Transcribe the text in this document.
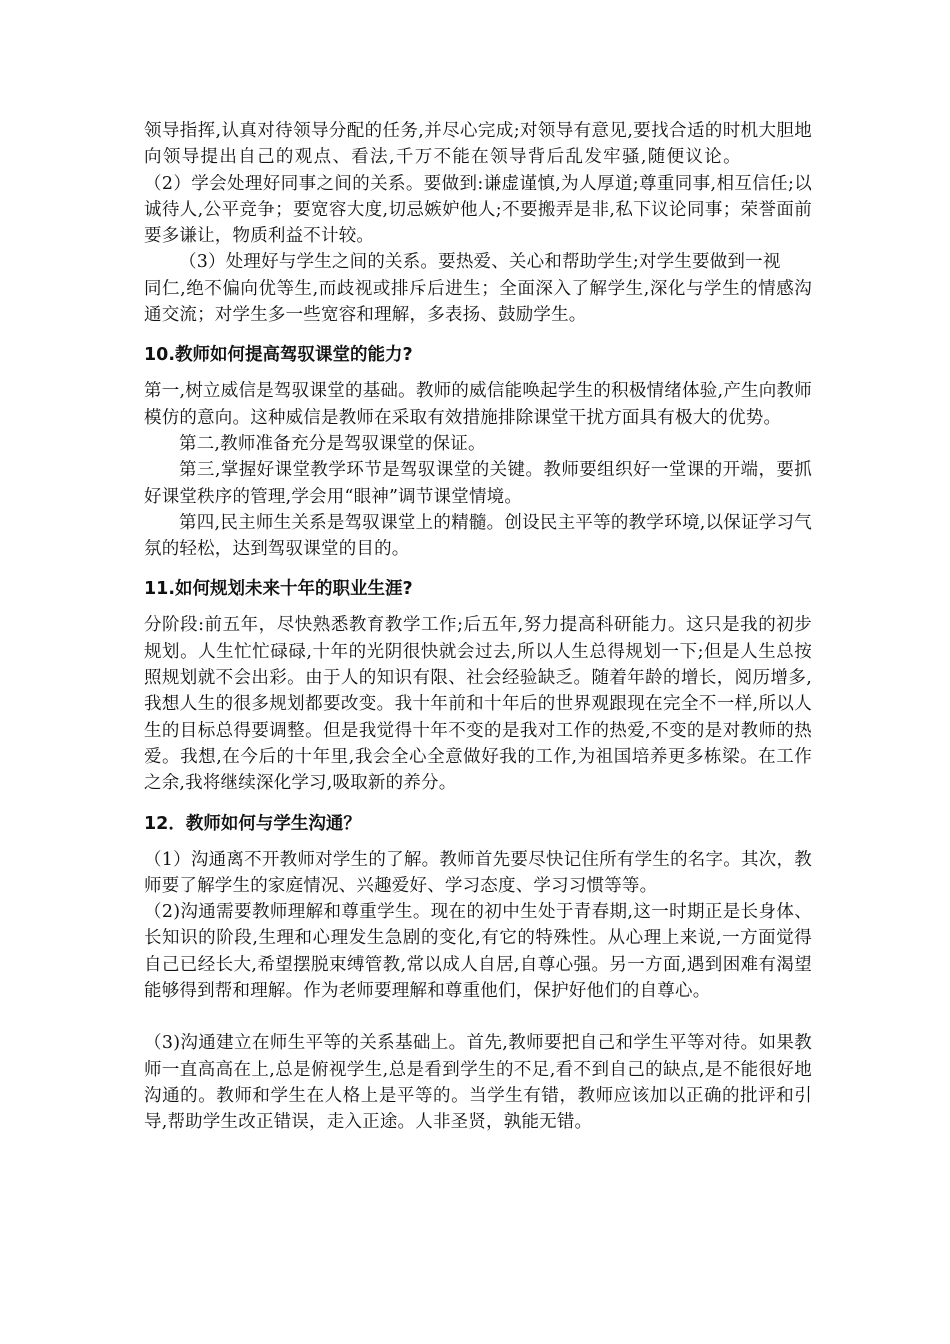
领导指挥,认真对待领导分配的任务,并尽心完成;对领导有意见,要找合适的时机大胆地向领导提出自己的观点、看法,千万不能在领导背后乱发牢骚,随便议论。（2）学会处理好同事之间的关系。要做到:谦虚谨慎,为人厚道;尊重同事,相互信任;以诚待人,公平竞争；要宽容大度,切忌嫉妒他人;不要搬弄是非,私下议论同事；荣誉面前要多谦让，物质利益不计较。

（3）处理好与学生之间的关系。要热爱、关心和帮助学生;对学生要做到一视

同仁,绝不偏向优等生,而歧视或排斥后进生；全面深入了解学生,深化与学生的情感沟通交流；对学生多一些宽容和理解，多表扬、鼓励学生。

10.教师如何提高驾驭课堂的能力?

第一,树立威信是驾驭课堂的基础。教师的威信能唤起学生的积极情绪体验,产生向教师模仿的意向。这种威信是教师在采取有效措施排除课堂干扰方面具有极大的优势。

第二,教师准备充分是驾驭课堂的保证。

第三,掌握好课堂教学环节是驾驭课堂的关键。教师要组织好一堂课的开端，要抓好课堂秩序的管理,学会用“眼神”调节课堂情境。

第四,民主师生关系是驾驭课堂上的精髓。创设民主平等的教学环境,以保证学习气氛的轻松，达到驾驭课堂的目的。

11.如何规划未来十年的职业生涯?

分阶段:前五年，尽快熟悉教育教学工作;后五年,努力提高科研能力。这只是我的初步规划。人生忙忙碌碌,十年的光阴很快就会过去,所以人生总得规划一下;但是人生总按照规划就不会出彩。由于人的知识有限、社会经验缺乏。随着年龄的增长，阅历增多,我想人生的很多规划都要改变。我十年前和十年后的世界观跟现在完全不一样,所以人生的目标总得要调整。但是我觉得十年不变的是我对工作的热爱,不变的是对教师的热爱。我想,在今后的十年里,我会全心全意做好我的工作,为祖国培养更多栋梁。在工作之余,我将继续深化学习,吸取新的养分。

12．教师如何与学生沟通？

（1）沟通离不开教师对学生的了解。教师首先要尽快记住所有学生的名字。其次，教师要了解学生的家庭情况、兴趣爱好、学习态度、学习习惯等等。

（2)沟通需要教师理解和尊重学生。现在的初中生处于青春期,这一时期正是长身体、长知识的阶段,生理和心理发生急剧的变化,有它的特殊性。从心理上来说,一方面觉得自己已经长大,希望摆脱束缚管教,常以成人自居,自尊心强。另一方面,遇到困难有渴望能够得到帮和理解。作为老师要理解和尊重他们，保护好他们的自尊心。

（3)沟通建立在师生平等的关系基础上。首先,教师要把自己和学生平等对待。如果教师一直高高在上,总是俯视学生,总是看到学生的不足,看不到自己的缺点,是不能很好地沟通的。教师和学生在人格上是平等的。当学生有错，教师应该加以正确的批评和引导,帮助学生改正错误，走入正途。人非圣贤，孰能无错。
